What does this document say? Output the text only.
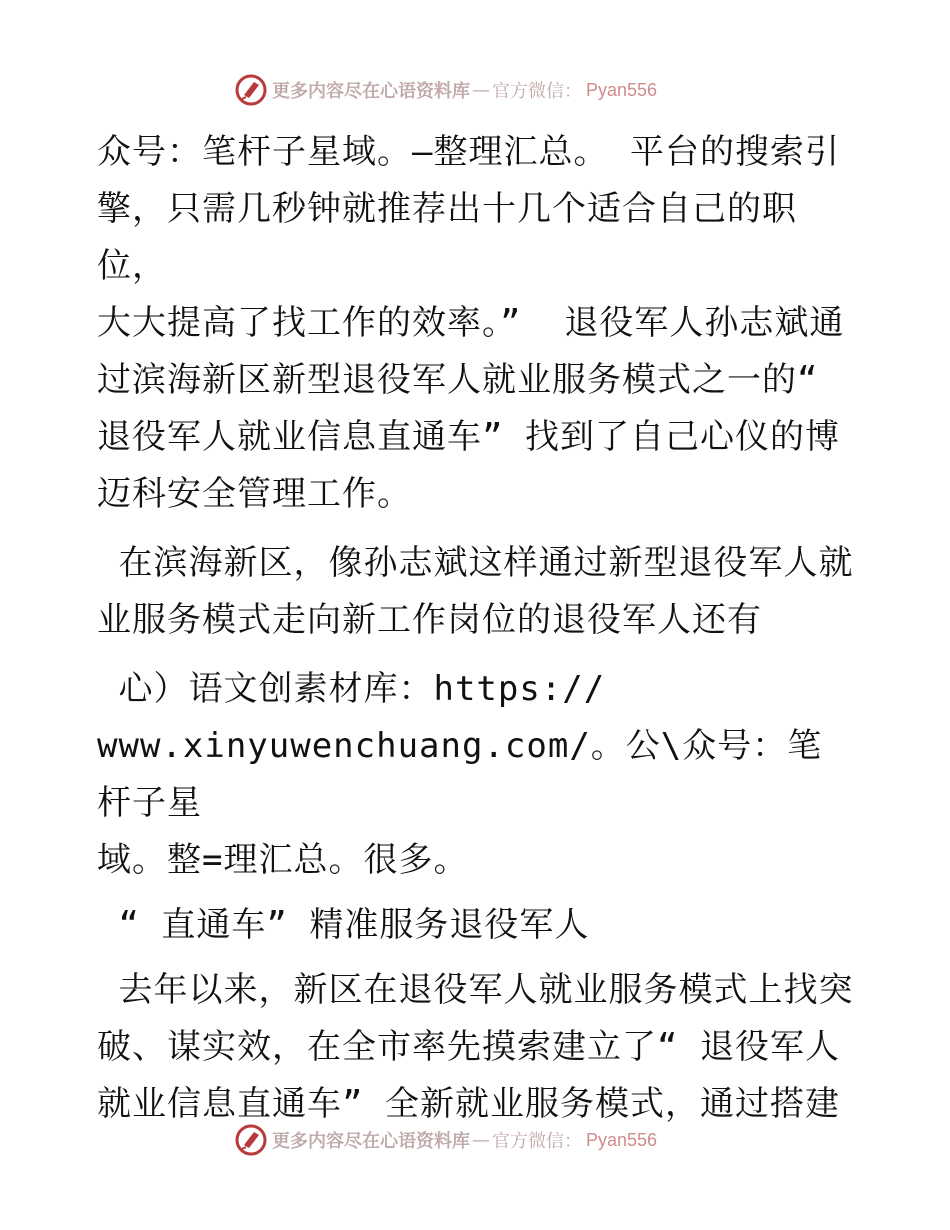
更多内容尽在心语资料库 — 官方微信： Pyan556

众号：笔杆子星域。—整理汇总。 平台的搜索引

擎，只需几秒钟就推荐出十几个适合自己的职位，

大大提高了找工作的效率。”  退役军人孙志斌通

过滨海新区新型退役军人就业服务模式之一的“

退役军人就业信息直通车” 找到了自己心仪的博

迈科安全管理工作。

在滨海新区，像孙志斌这样通过新型退役军人就

业服务模式走向新工作岗位的退役军人还有

心）语文创素材库：https://

www.xinyuwenchuang.com/。公\众号：笔杆子星

域。整=理汇总。很多。

“ 直通车” 精准服务退役军人

去年以来，新区在退役军人就业服务模式上找突

破、谋实效，在全市率先摸索建立了“ 退役军人

就业信息直通车” 全新就业服务模式，通过搭建

更多内容尽在心语资料库 — 官方微信： Pyan556
